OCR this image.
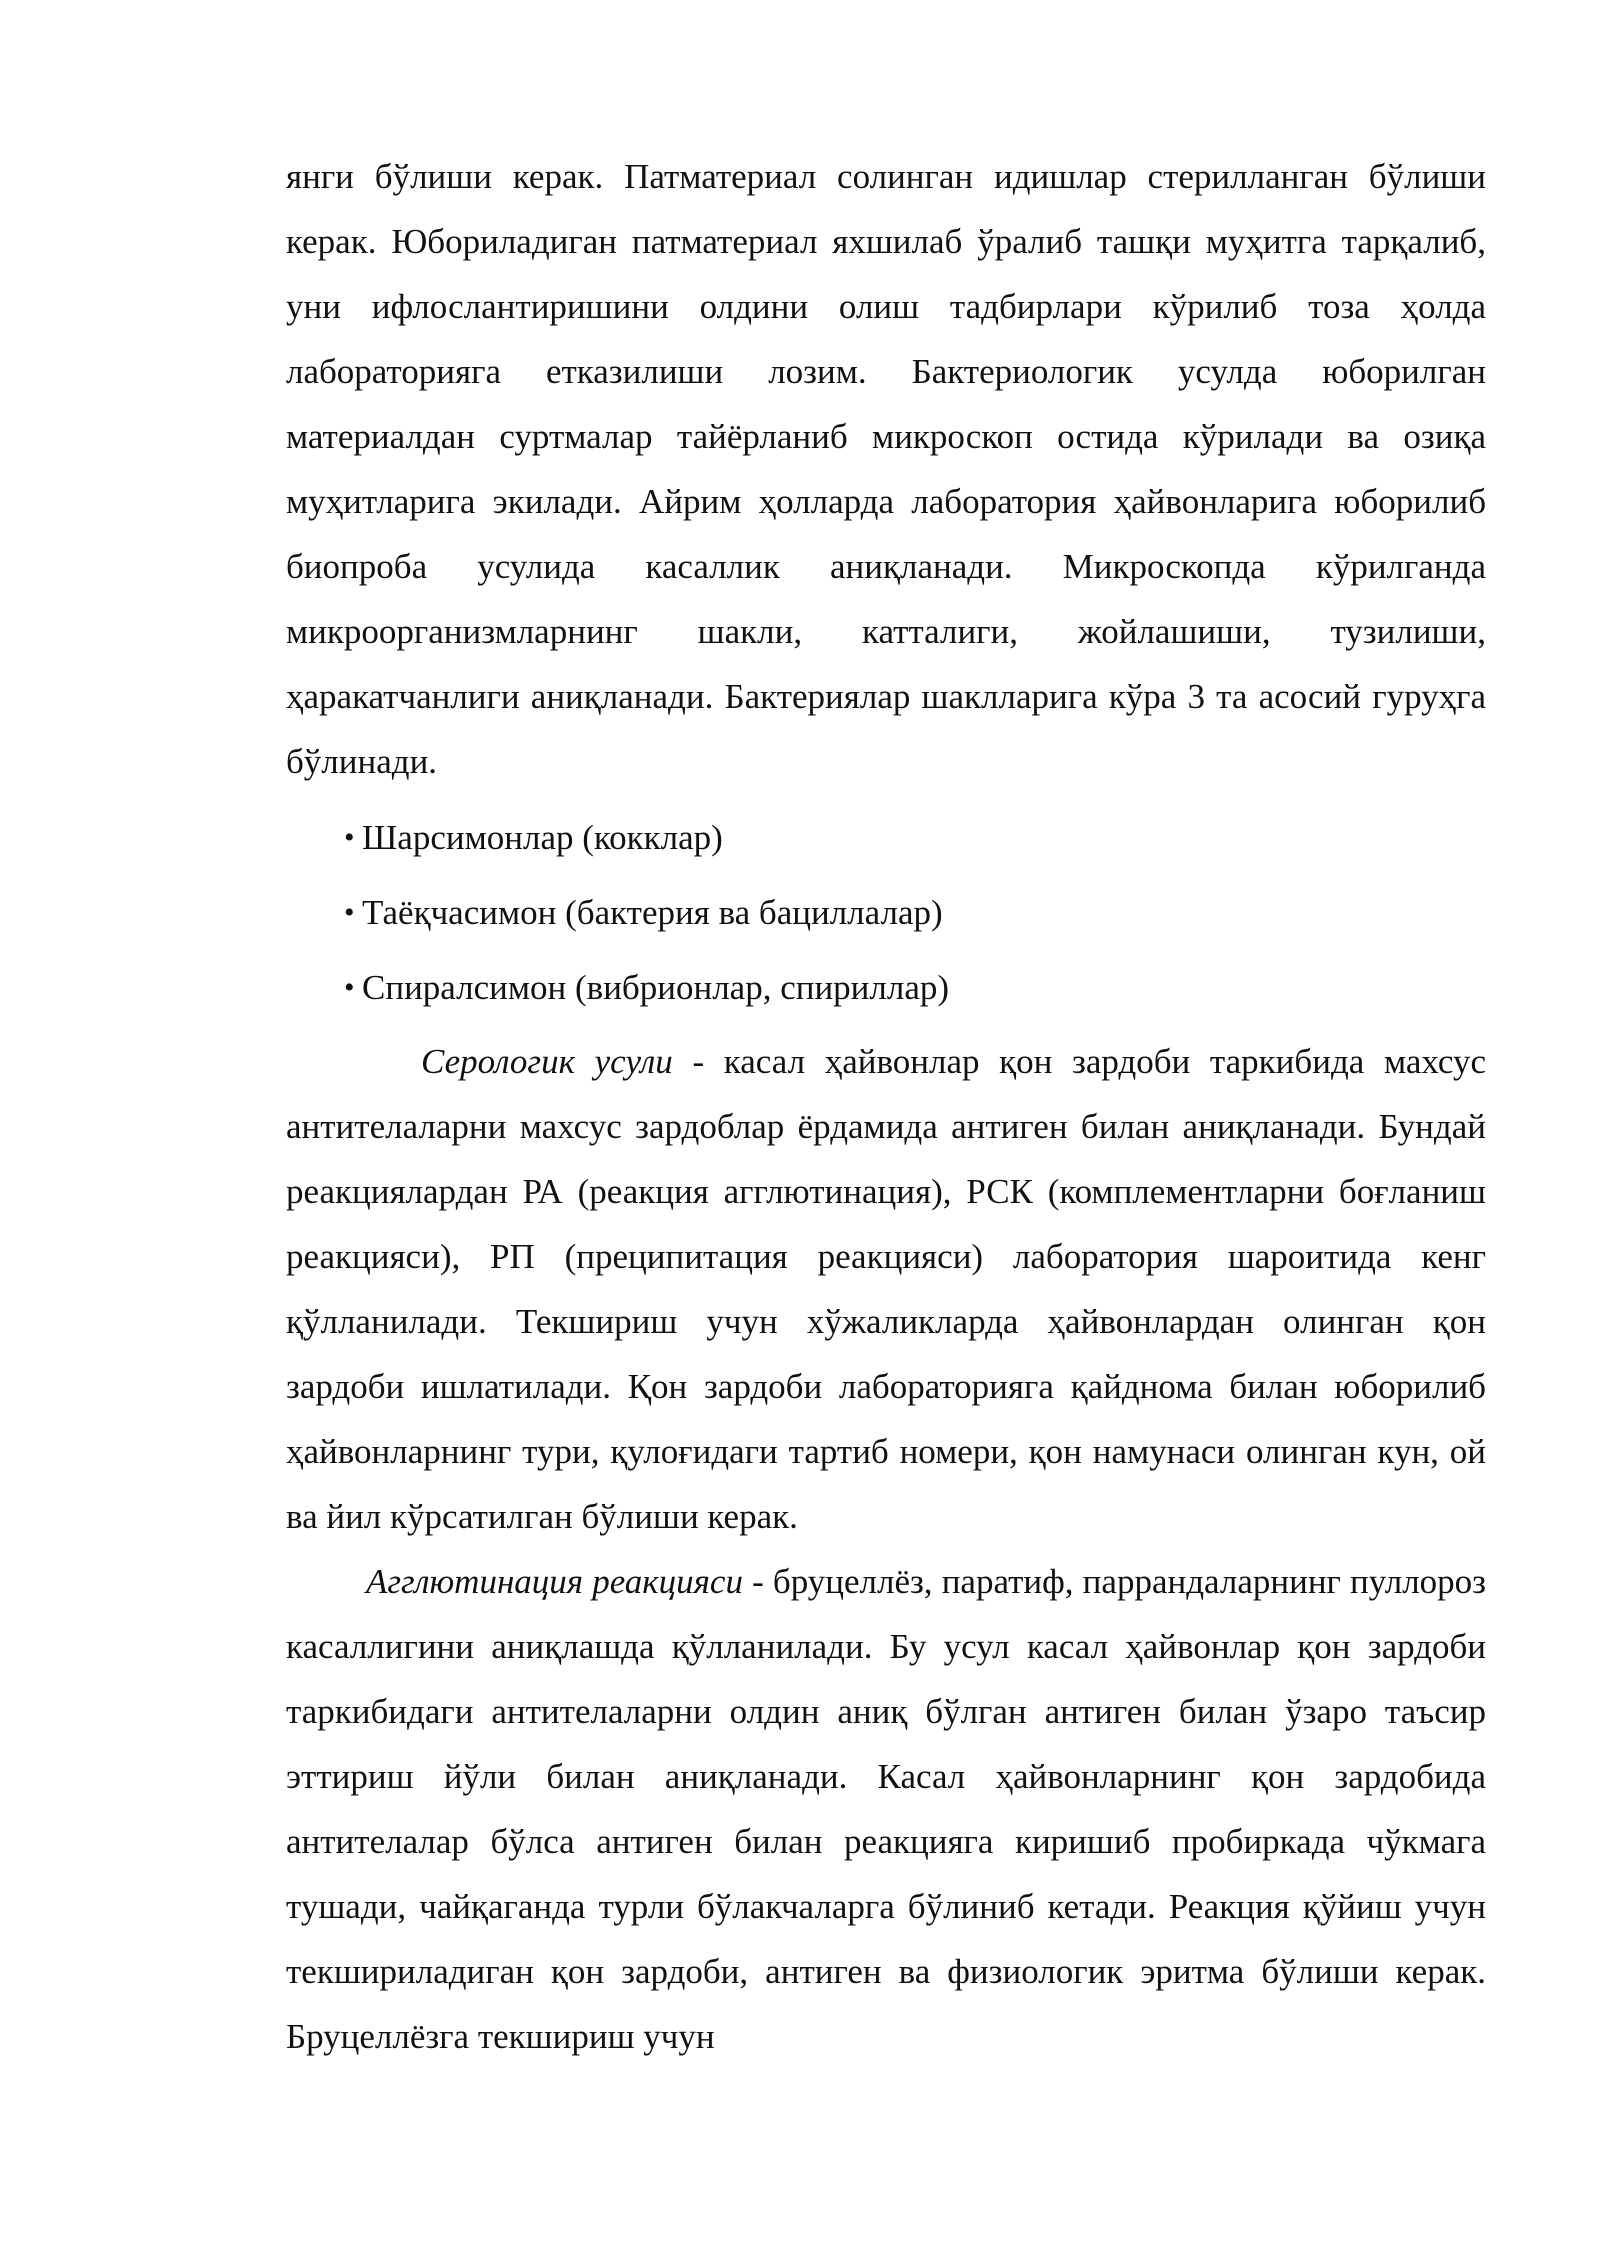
янги бўлиши керак. Патматериал солинган идишлар стерилланган бўлиши керак. Юбориладиган патматериал яхшилаб ўралиб ташқи муҳитга тарқалиб, уни ифлослантиришини олдини олиш тадбирлари кўрилиб тоза ҳолда лабораторияга етказилиши лозим. Бактериологик усулда юборилган материалдан суртмалар тайёрланиб микроскоп остида кўрилади ва озиқа муҳитларига экилади. Айрим ҳолларда лаборатория ҳайвонларига юборилиб биопроба усулида касаллик аниқланади. Микроскопда кўрилганда микроорганизмларнинг шакли, катталиги, жойлашиши, тузилиши, ҳаракатчанлиги аниқланади. Бактериялар шаклларига кўра 3 та асосий гуруҳга бўлинади.

• Шарсимонлар (кокклар)
• Таёқчасимон (бактерия ва бациллалар)
• Спиралсимон (вибрионлар, спириллар)

Серологик усули - касал ҳайвонлар қон зардоби таркибида махсус антителаларни махсус зардоблар ёрдамида антиген билан аниқланади. Бундай реакциялардан РА (реакция агглютинация), РСК (комплементларни боғланиш реакцияси), РП (преципитация реакцияси) лаборатория шароитида кенг қўлланилади. Текшириш учун хўжаликларда ҳайвонлардан олинган қон зардоби ишлатилади. Қон зардоби лабораторияга қайднома билан юборилиб ҳайвонларнинг тури, қулоғидаги тартиб номери, қон намунаси олинган кун, ой ва йил кўрсатилган бўлиши керак.

Агглютинация реакцияси - бруцеллёз, паратиф, паррандаларнинг пуллороз касаллигини аниқлашда қўлланилади. Бу усул касал ҳайвонлар қон зардоби таркибидаги антителаларни олдин аниқ бўлган антиген билан ўзаро таъсир эттириш йўли билан аниқланади. Касал ҳайвонларнинг қон зардобида антителалар бўлса антиген билан реакцияга киришиб пробиркада чўкмага тушади, чайқаганда турли бўлакчаларга бўлиниб кетади. Реакция қўйиш учун текшириладиган қон зардоби, антиген ва физиологик эритма бўлиши керак. Бруцеллёзга текшириш учун
